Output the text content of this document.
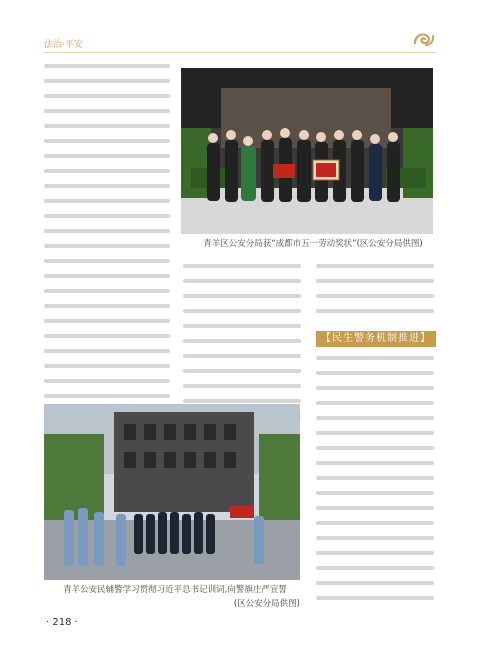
法治·平安
青羊区公安分局获“成都市五一劳动奖状”(区公安分局供图)
【民生警务机制推进】
青羊公安民辅警学习贯彻习近平总书记训词,向警旗庄严宣誓
(区公安分局供图)
· 218 ·
